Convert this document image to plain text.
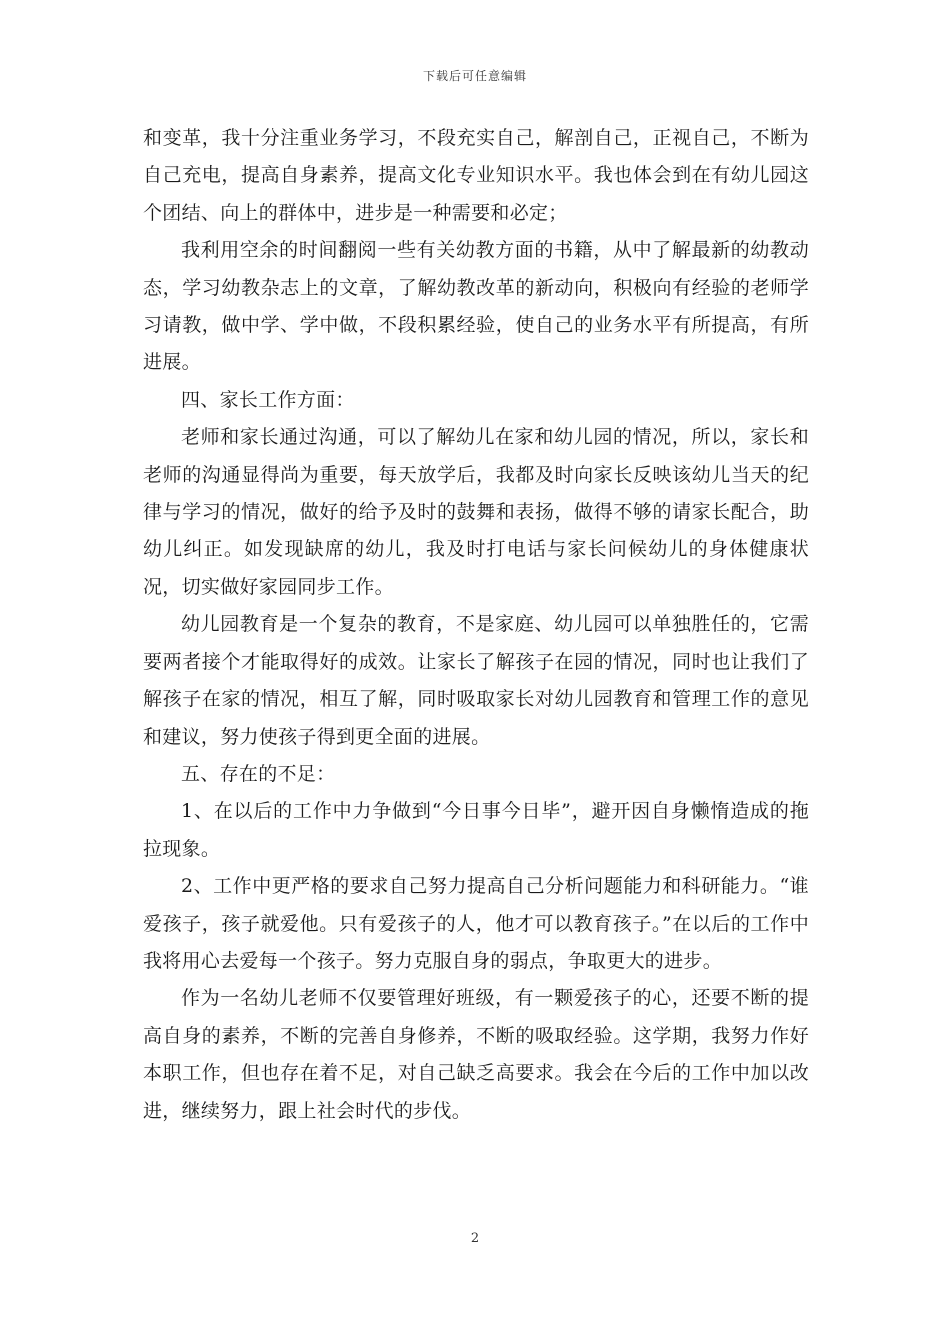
下载后可任意编辑

和变革，我十分注重业务学习，不段充实自己，解剖自己，正视自己，不断为自己充电，提高自身素养，提高文化专业知识水平。我也体会到在有幼儿园这个团结、向上的群体中，进步是一种需要和必定；

我利用空余的时间翻阅一些有关幼教方面的书籍，从中了解最新的幼教动态，学习幼教杂志上的文章，了解幼教改革的新动向，积极向有经验的老师学习请教，做中学、学中做，不段积累经验，使自己的业务水平有所提高，有所进展。

四、家长工作方面：

老师和家长通过沟通，可以了解幼儿在家和幼儿园的情况，所以，家长和老师的沟通显得尚为重要，每天放学后，我都及时向家长反映该幼儿当天的纪律与学习的情况，做好的给予及时的鼓舞和表扬，做得不够的请家长配合，助幼儿纠正。如发现缺席的幼儿，我及时打电话与家长问候幼儿的身体健康状况，切实做好家园同步工作。

幼儿园教育是一个复杂的教育，不是家庭、幼儿园可以单独胜任的，它需要两者接个才能取得好的成效。让家长了解孩子在园的情况，同时也让我们了解孩子在家的情况，相互了解，同时吸取家长对幼儿园教育和管理工作的意见和建议，努力使孩子得到更全面的进展。

五、存在的不足：

1、在以后的工作中力争做到“今日事今日毕”，避开因自身懒惰造成的拖拉现象。

2、工作中更严格的要求自己努力提高自己分析问题能力和科研能力。“谁爱孩子，孩子就爱他。只有爱孩子的人，他才可以教育孩子。”在以后的工作中我将用心去爱每一个孩子。努力克服自身的弱点，争取更大的进步。

作为一名幼儿老师不仅要管理好班级，有一颗爱孩子的心，还要不断的提高自身的素养，不断的完善自身修养，不断的吸取经验。这学期，我努力作好本职工作，但也存在着不足，对自己缺乏高要求。我会在今后的工作中加以改进，继续努力，跟上社会时代的步伐。

2
